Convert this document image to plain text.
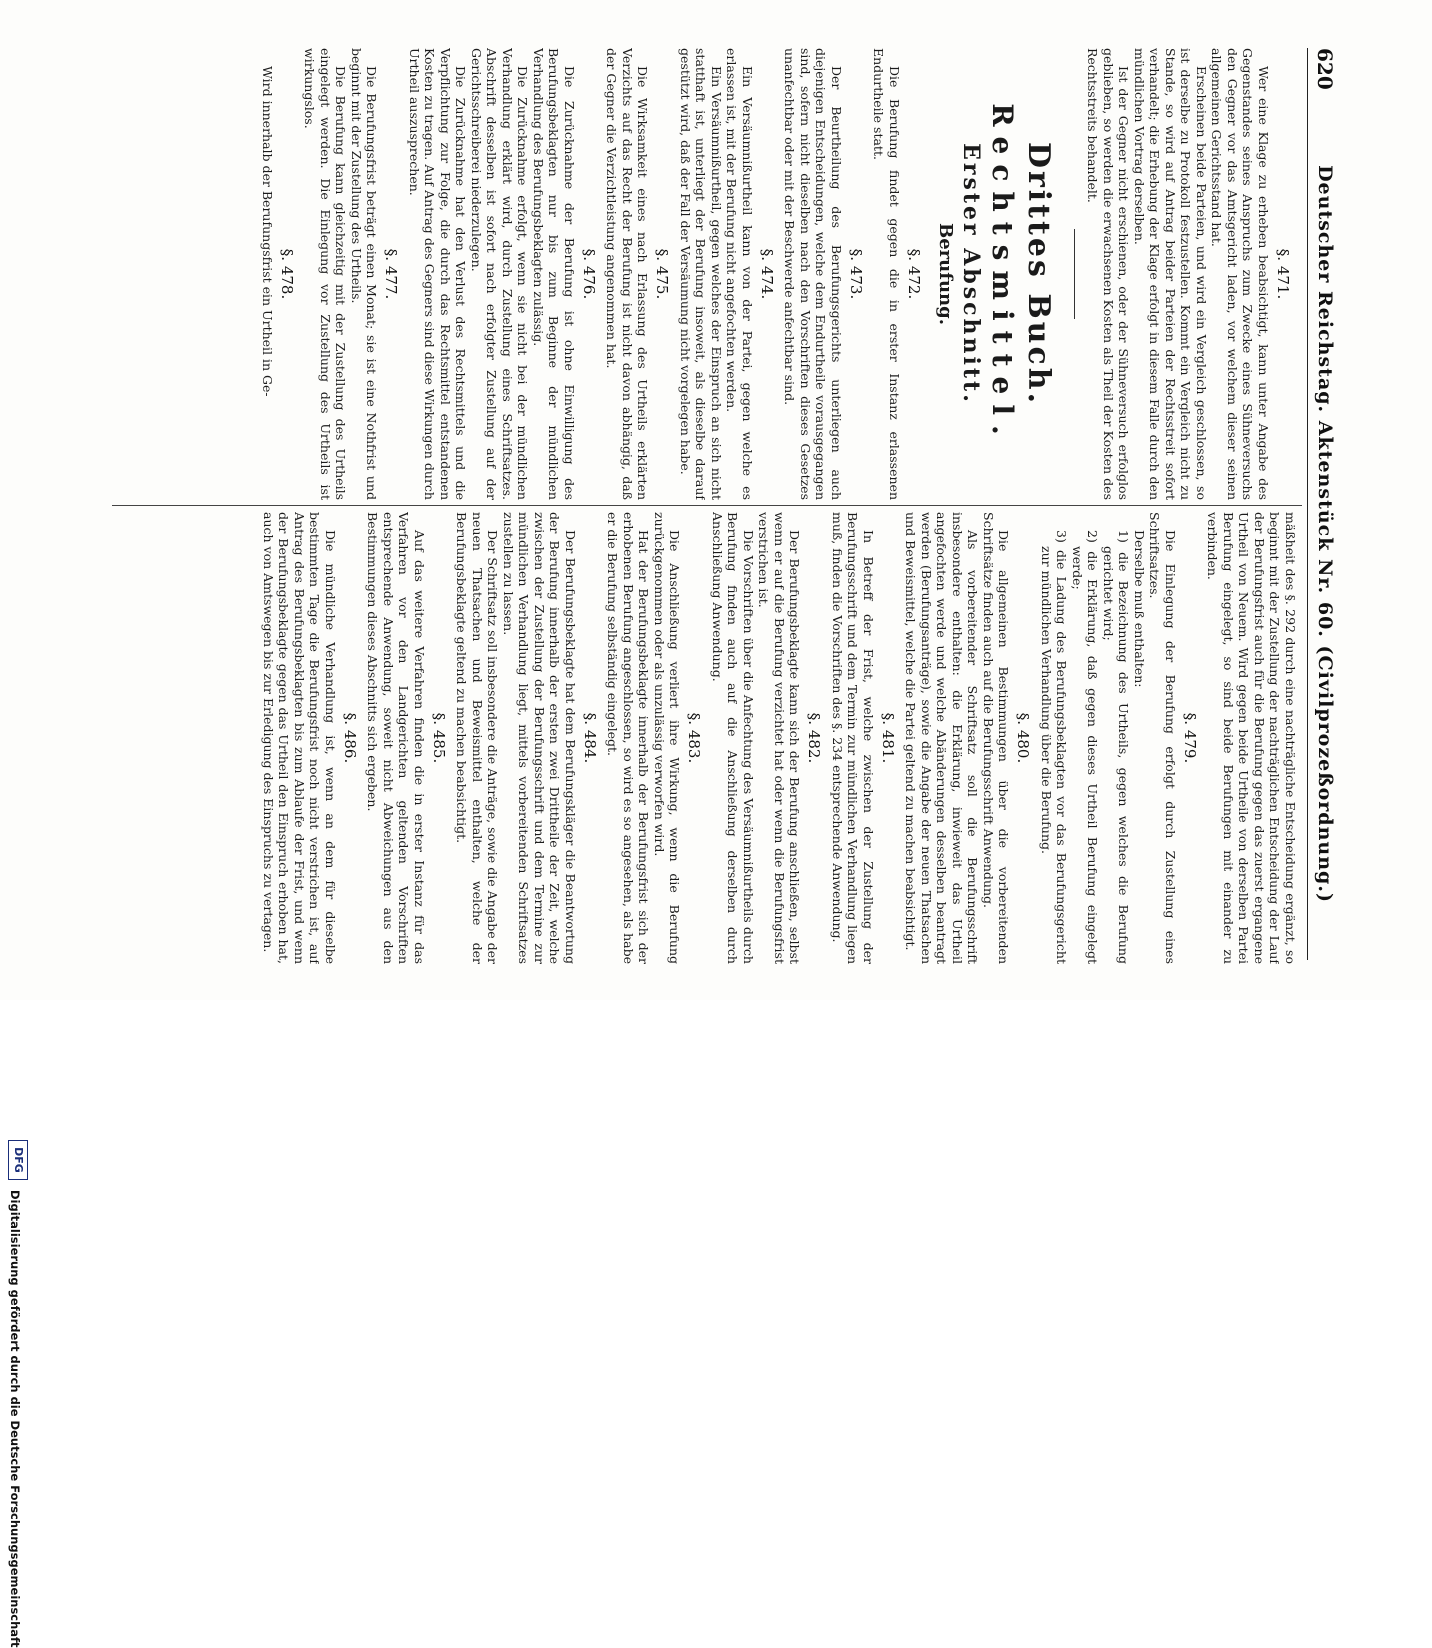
620
Deutscher Reichstag. Aktenstück Nr. 60. (Civilprozeßordnung.)
§. 471.
Wer eine Klage zu erheben beabsichtigt, kann unter Angabe des Gegenstandes seines Anspruchs zum Zwecke eines Sühneversuchs den Gegner vor das Amtsgericht laden, vor welchem dieser seinen allgemeinen Gerichtsstand hat.
Erscheinen beide Parteien, und wird ein Vergleich geschlossen, so ist derselbe zu Protokoll festzustellen. Kommt ein Vergleich nicht zu Stande, so wird auf Antrag beider Parteien der Rechtsstreit sofort verhandelt; die Erhebung der Klage erfolgt in diesem Falle durch den mündlichen Vortrag derselben.
Ist der Gegner nicht erschienen, oder der Sühneversuch erfolglos geblieben, so werden die erwachsenen Kosten als Theil der Kosten des Rechtsstreits behandelt.
Drittes Buch.
Rechtsmittel.
Erster Abschnitt.
Berufung.
§. 472.
Die Berufung findet gegen die in erster Instanz erlassenen Endurtheile statt.
§. 473.
Der Beurtheilung des Berufungsgerichts unterliegen auch diejenigen Entscheidungen, welche dem Endurtheile vorausgegangen sind, sofern nicht dieselben nach den Vorschriften dieses Gesetzes unanfechtbar oder mit der Beschwerde anfechtbar sind.
§. 474.
Ein Versäumnißurtheil kann von der Partei, gegen welche es erlassen ist, mit der Berufung nicht angefochten werden.
Ein Versäumnißurtheil, gegen welches der Einspruch an sich nicht statthaft ist, unterliegt der Berufung insoweit, als dieselbe darauf gestützt wird, daß der Fall der Versäumung nicht vorgelegen habe.
§. 475.
Die Wirksamkeit eines nach Erlassung des Urtheils erklärten Verzichts auf das Recht der Berufung ist nicht davon abhängig, daß der Gegner die Verzichtleistung angenommen hat.
§. 476.
Die Zurücknahme der Berufung ist ohne Einwilligung des Berufungsbeklagten nur bis zum Beginne der mündlichen Verhandlung des Berufungsbeklagten zulässig.
Die Zurücknahme erfolgt, wenn sie nicht bei der mündlichen Verhandlung erklärt wird, durch Zustellung eines Schriftsatzes. Abschrift desselben ist sofort nach erfolgter Zustellung auf der Gerichtsschreiberei niederzulegen.
Die Zurücknahme hat den Verlust des Rechtsmittels und die Verpflichtung zur Folge, die durch das Rechtsmittel entstandenen Kosten zu tragen. Auf Antrag des Gegners sind diese Wirkungen durch Urtheil auszusprechen.
§. 477.
Die Berufungsfrist beträgt einen Monat; sie ist eine Nothfrist und beginnt mit der Zustellung des Urtheils.
Die Berufung kann gleichzeitig mit der Zustellung des Urtheils eingelegt werden. Die Einlegung vor Zustellung des Urtheils ist wirkungslos.
§. 478.
Wird innerhalb der Berufungsfrist ein Urtheil in Ge-
mäßheit des §. 292 durch eine nachträgliche Entscheidung ergänzt, so beginnt mit der Zustellung der nachträglichen Entscheidung der Lauf der Berufungsfrist auch für die Berufung gegen das zuerst ergangene Urtheil von Neuem. Wird gegen beide Urtheile von derselben Partei Berufung eingelegt, so sind beide Berufungen mit einander zu verbinden.
§. 479.
Die Einlegung der Berufung erfolgt durch Zustellung eines Schriftsatzes.
Derselbe muß enthalten:
1) die Bezeichnung des Urtheils, gegen welches die Berufung gerichtet wird;
2) die Erklärung, daß gegen dieses Urtheil Berufung eingelegt werde;
3) die Ladung des Berufungsbeklagten vor das Berufungsgericht zur mündlichen Verhandlung über die Berufung.
§. 480.
Die allgemeinen Bestimmungen über die vorbereitenden Schriftsätze finden auch auf die Berufungsschrift Anwendung.
Als vorbereitender Schriftsatz soll die Berufungsschrift insbesondere enthalten: die Erklärung, inwieweit das Urtheil angefochten werde und welche Abänderungen desselben beantragt werden (Berufungsanträge), sowie die Angabe der neuen Thatsachen und Beweismittel, welche die Partei geltend zu machen beabsichtigt.
§. 481.
In Betreff der Frist, welche zwischen der Zustellung der Berufungsschrift und dem Termin zur mündlichen Verhandlung liegen muß, finden die Vorschriften des §. 234 entsprechende Anwendung.
§. 482.
Der Berufungsbeklagte kann sich der Berufung anschließen, selbst wenn er auf die Berufung verzichtet hat oder wenn die Berufungsfrist verstrichen ist.
Die Vorschriften über die Anfechtung des Versäumnißurtheils durch Berufung finden auch auf die Anschließung derselben durch Anschließung Anwendung.
§. 483.
Die Anschließung verliert ihre Wirkung, wenn die Berufung zurückgenommen oder als unzulässig verworfen wird.
Hat der Berufungsbeklagte innerhalb der Berufungsfrist sich der erhobenen Berufung angeschlossen, so wird es so angesehen, als habe er die Berufung selbständig eingelegt.
§. 484.
Der Berufungsbeklagte hat dem Berufungskläger die Beantwortung der Berufung innerhalb der ersten zwei Drittheile der Zeit, welche zwischen der Zustellung der Berufungsschrift und dem Termine zur mündlichen Verhandlung liegt, mittels vorbereitenden Schriftsatzes zustellen zu lassen.
Der Schriftsatz soll insbesondere die Anträge, sowie die Angabe der neuen Thatsachen und Beweismittel enthalten, welche der Berufungsbeklagte geltend zu machen beabsichtigt.
§. 485.
Auf das weitere Verfahren finden die in erster Instanz für das Verfahren vor den Landgerichten geltenden Vorschriften entsprechende Anwendung, soweit nicht Abweichungen aus den Bestimmungen dieses Abschnitts sich ergeben.
§. 486.
Die mündliche Verhandlung ist, wenn an dem für dieselbe bestimmten Tage die Berufungsfrist noch nicht verstrichen ist, auf Antrag des Berufungsbeklagten bis zum Ablaufe der Frist, und wenn der Berufungsbeklagte gegen das Urtheil den Einspruch erhoben hat, auch von Amtswegen bis zur Erledigung des Einspruchs zu vertagen.
DFG
Digitalisierung gefördert durch die Deutsche Forschungsgemeinschaft
